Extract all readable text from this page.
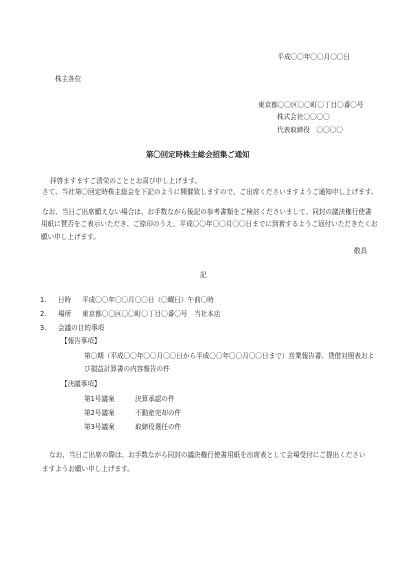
平成〇〇年〇〇月〇〇日
株主各位
東京都〇〇区〇〇町〇丁目〇番〇号
株式会社〇〇〇〇
代表取締役　〇〇〇〇
第〇回定時株主総会招集ご通知
拝啓ますますご清栄のこととお喜び申し上げます。
さて、当社第〇回定時株主総会を下記のように開催致しますので、ご出席くださいますようご通知申し上げます。
なお、当日ご出席願えない場合は、お手数ながら後記の参考書類をご検討くださいまして、同封の議決権行使書
用紙に賛否をご表示いただき、ご捺印のうえ、平成〇〇年〇〇月〇〇日までに到着するようご返付いただきたくお
願い申し上げます。
敬具
記
1. 日時 平成〇〇年〇〇月〇〇日（〇曜日）午前〇時
2. 場所 東京都〇〇区〇〇町〇丁目〇番〇号　当社本店
3. 会議の目的事項
【報告事項】
第〇期（平成〇〇年〇〇月〇〇日から平成〇〇年〇〇月〇〇日まで）営業報告書、貸借対照表およ
び損益計算書の内容報告の件
【決議事項】
第1号議案	決算承認の件
第2号議案	不動産売却の件
第3号議案	取締役選任の件
なお、当日ご出席の際は、お手数ながら同封の議決権行使書用紙を出席表として会場受付にご提出ください
ますようお願い申し上げます。
